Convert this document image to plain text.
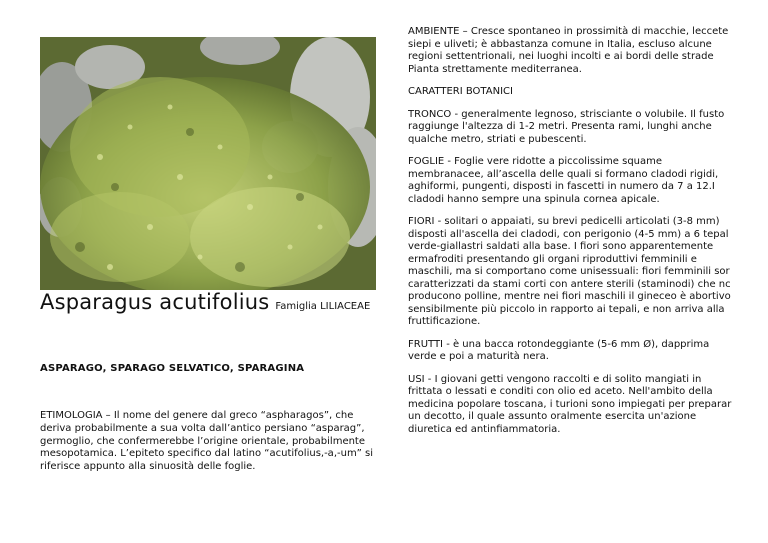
Asparagus acutifolius Famiglia LILIACEAE
ASPARAGO, SPARAGO SELVATICO, SPARAGINA
ETIMOLOGIA – Il nome del genere dal greco “aspharagos”, che deriva probabilmente a sua volta dall’antico persiano “asparag”, germoglio, che confermerebbe l’origine orientale, probabilmente mesopotamica. L’epiteto specifico dal latino “acutifolius,-a,-um” si riferisce appunto alla sinuosità delle foglie.

AMBIENTE – Cresce spontaneo in prossimità di macchie, leccete
siepi e uliveti; è abbastanza comune in Italia, escluso alcune
regioni settentrionali, nei luoghi incolti e ai bordi delle strade
Pianta strettamente mediterranea.

CARATTERI BOTANICI

TRONCO - generalmente legnoso, strisciante o volubile. Il fusto
raggiunge l'altezza di 1-2 metri. Presenta rami, lunghi anche
qualche metro, striati e pubescenti.

FOGLIE - Foglie vere ridotte a piccolissime squame
membranacee, all’ascella delle quali si formano cladodi rigidi,
aghiformi, pungenti, disposti in fascetti in numero da 7 a 12.I
cladodi hanno sempre una spinula cornea apicale.

FIORI - solitari o appaiati, su brevi pedicelli articolati (3-8 mm)
disposti all'ascella dei cladodi, con perigonio (4-5 mm) a 6 tepal
verde-giallastri saldati alla base. I fiori sono apparentemente
ermafroditi presentando gli organi riproduttivi femminili e
maschili, ma si comportano come unisessuali: fiori femminili sor
caratterizzati da stami corti con antere sterili (staminodi) che nc
producono polline, mentre nei fiori maschili il gineceo è abortivo
sensibilmente più piccolo in rapporto ai tepali, e non arriva alla
fruttificazione.

FRUTTI - è una bacca rotondeggiante (5-6 mm Ø), dapprima
verde e poi a maturità nera.

USI - I giovani getti vengono raccolti e di solito mangiati in
frittata o lessati e conditi con olio ed aceto. Nell'ambito della
medicina popolare toscana, i turioni sono impiegati per preparar
un decotto, il quale assunto oralmente esercita un'azione
diuretica ed antinfiammatoria.
